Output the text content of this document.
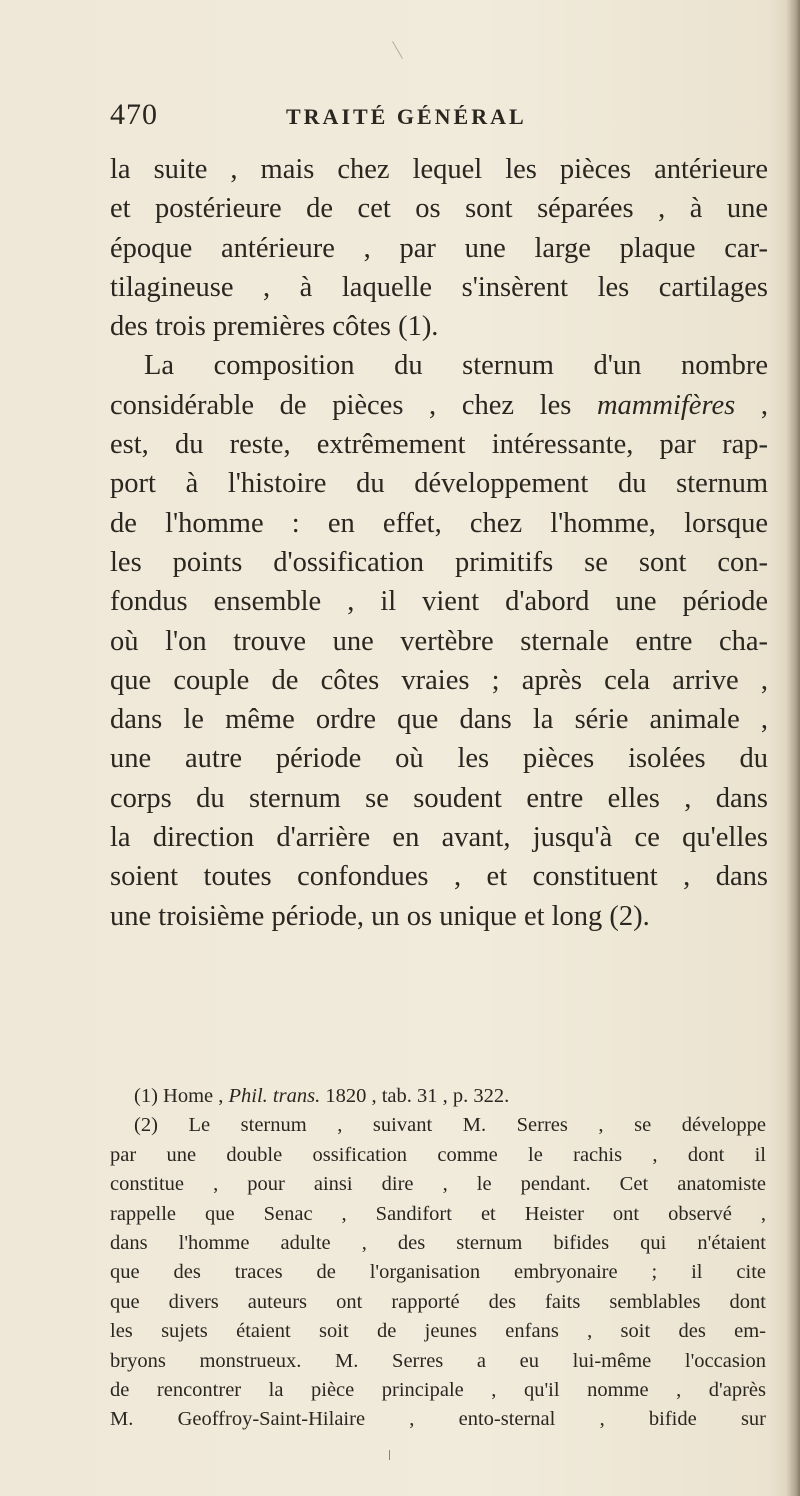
470	TRAITÉ GÉNÉRAL
la suite , mais chez lequel les pièces antérieure
et postérieure de cet os sont séparées , à une
époque antérieure , par une large plaque car-
tilagineuse , à laquelle s'insèrent les cartilages
des trois premières côtes (1).
La composition du sternum d'un nombre
considérable de pièces , chez les mammifères ,
est, du reste, extrêmement intéressante, par rap-
port à l'histoire du développement du sternum
de l'homme : en effet, chez l'homme, lorsque
les points d'ossification primitifs se sont con-
fondus ensemble , il vient d'abord une période
où l'on trouve une vertèbre sternale entre cha-
que couple de côtes vraies ; après cela arrive ,
dans le même ordre que dans la série animale ,
une autre période où les pièces isolées du
corps du sternum se soudent entre elles , dans
la direction d'arrière en avant, jusqu'à ce qu'elles
soient toutes confondues , et constituent , dans
une troisième période, un os unique et long (2).
(1) Home , Phil. trans. 1820 , tab. 31 , p. 322.
(2) Le sternum , suivant M. Serres , se développe
par une double ossification comme le rachis , dont il
constitue , pour ainsi dire , le pendant. Cet anatomiste
rappelle que Senac , Sandifort et Heister ont observé ,
dans l'homme adulte , des sternum bifides qui n'étaient
que des traces de l'organisation embryonaire ; il cite
que divers auteurs ont rapporté des faits semblables dont
les sujets étaient soit de jeunes enfans , soit des em-
bryons monstrueux. M. Serres a eu lui-même l'occasion
de rencontrer la pièce principale , qu'il nomme , d'après
M. Geoffroy-Saint-Hilaire , ento-sternal , bifide sur
